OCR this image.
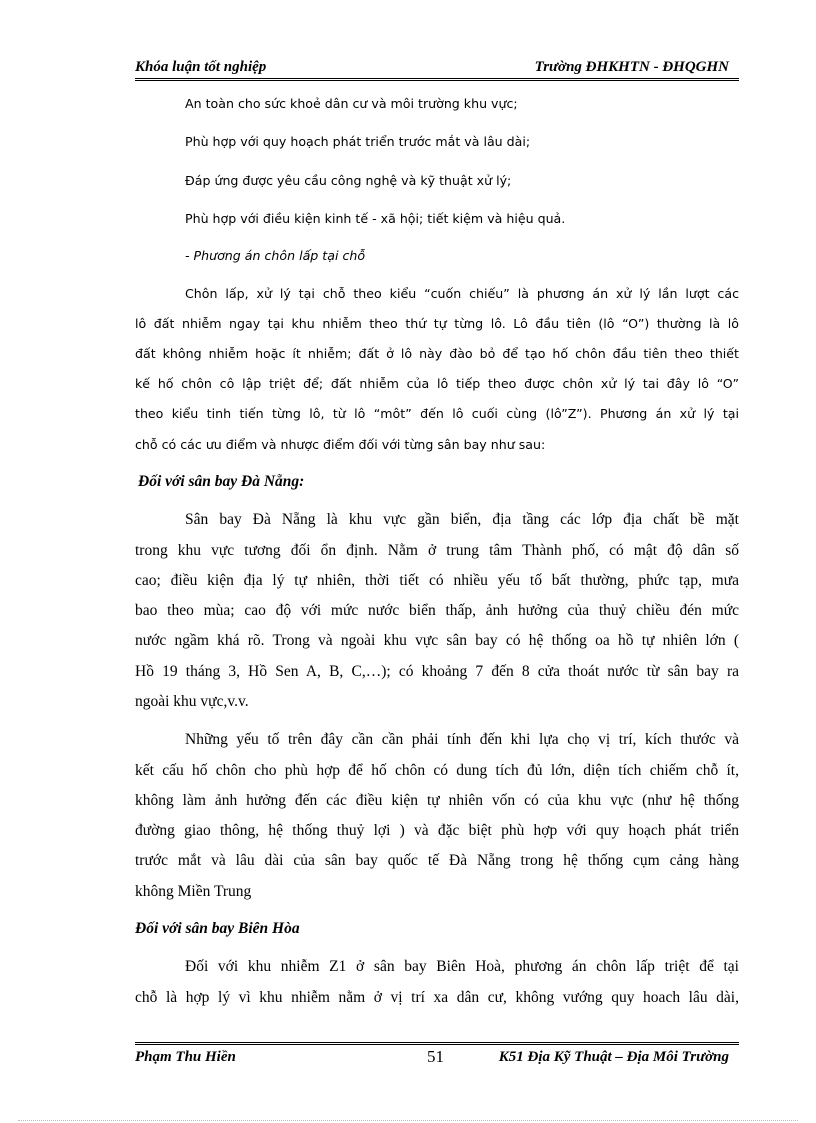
Khóa luận tốt nghiệp	Trường ĐHKHTN - ĐHQGHN
An toàn cho sức khoẻ dân cư và môi trường khu vực;
Phù hợp với quy hoạch phát triển trước mắt và lâu dài;
Đáp ứng được yêu cầu công nghệ và kỹ thuật xử lý;
Phù hợp với điều kiện kinh tế - xã hội; tiết kiệm và hiệu quả.
- Phương án chôn lấp tại chỗ
Chôn lấp, xử lý tại chỗ theo kiểu “cuốn chiếu” là phương án xử lý lần lượt các
lô đất nhiễm ngay tại khu nhiễm theo thứ tự từng lô. Lô đầu tiên (lô “O”) thường là lô
đất không nhiễm hoặc ít nhiễm; đất ở lô này đào bỏ để tạo hố chôn đầu tiên theo thiết
kế hố chôn cô lập triệt để; đất nhiễm của lô tiếp theo được chôn xử lý tai đây lô “O”
theo kiểu tinh tiến từng lô, từ lô “môt” đến lô cuối cùng (lô”Z”). Phương án xử lý tại
chỗ có các ưu điểm và nhược điểm đối với từng sân bay như sau:
Đối với sân bay Đà Nẵng:
Sân bay Đà Nẵng là khu vực gần biển, địa tầng các lớp địa chất bề mặt
trong khu vực tương đối ổn định. Nằm ở trung tâm Thành phố, có mật độ dân số
cao; điều kiện địa lý tự nhiên, thời tiết có nhiều yếu tố bất thường, phức tạp, mưa
bao theo mùa; cao độ với mức nước biển thấp, ảnh hưởng của thuỷ chiều đén mức
nước ngầm khá rõ. Trong và ngoài khu vực sân bay có hệ thống oa hồ tự nhiên lớn (
Hồ 19 tháng 3, Hồ Sen A, B, C,…); có khoảng 7 đến 8 cửa thoát nước từ sân bay ra
ngoài khu vực,v.v.
Những yếu tố trên đây cần cần phải tính đến khi lựa chọ vị trí, kích thước và
kết cấu hố chôn cho phù hợp để hố chôn có dung tích đủ lớn, diện tích chiếm chỗ ít,
không làm ảnh hưởng đến các điều kiện tự nhiên vốn có của khu vực (như hệ thống
đường giao thông, hệ thống thuỷ lợi ) và đặc biệt phù hợp với quy hoạch phát triển
trước mắt và lâu dài của sân bay quốc tế Đà Nẵng trong hệ thống cụm cảng hàng
không Miền Trung
Đối với sân bay Biên Hòa
Đối với khu nhiễm Z1 ở sân bay Biên Hoà, phương án chôn lấp triệt để tại
chỗ là hợp lý vì khu nhiễm nằm ở vị trí xa dân cư, không vướng quy hoach lâu dài,
Phạm Thu Hiền	51	K51 Địa Kỹ Thuật – Địa Môi Trường
